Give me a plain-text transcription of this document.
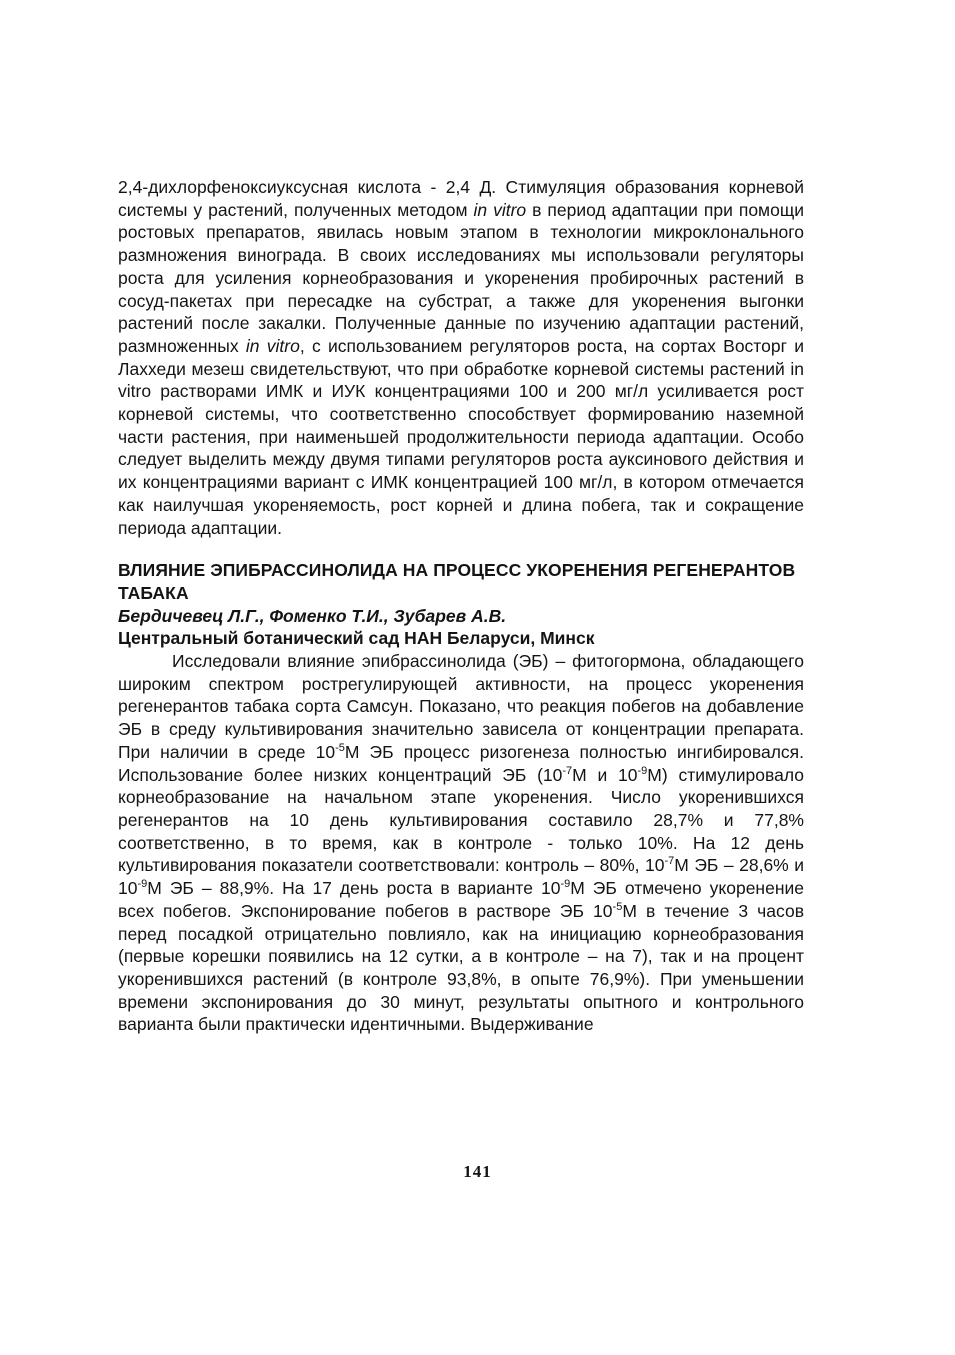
2,4-дихлорфеноксиуксусная кислота - 2,4 Д. Стимуляция образования корневой системы у растений, полученных методом in vitro в период адаптации при помощи ростовых препаратов, явилась новым этапом в технологии микроклонального размножения винограда. В своих исследованиях мы использовали регуляторы роста для усиления корнеобразования и укоренения пробирочных растений в сосуд-пакетах при пересадке на субстрат, а также для укоренения выгонки растений после закалки. Полученные данные по изучению адаптации растений, размноженных in vitro, с использованием регуляторов роста, на сортах Восторг и Лаххеди мезеш свидетельствуют, что при обработке корневой системы растений in vitro растворами ИМК и ИУК концентрациями 100 и 200 мг/л усиливается рост корневой системы, что соответственно способствует формированию наземной части растения, при наименьшей продолжительности периода адаптации. Особо следует выделить между двумя типами регуляторов роста ауксинового действия и их концентрациями вариант с ИМК концентрацией 100 мг/л, в котором отмечается как наилучшая укореняемость, рост корней и длина побега, так и сокращение периода адаптации.

ВЛИЯНИЕ ЭПИБРАССИНОЛИДА НА ПРОЦЕСС УКОРЕНЕНИЯ РЕГЕНЕРАНТОВ ТАБАКА

Бердичевец Л.Г., Фоменко Т.И., Зубарев А.В.

Центральный ботанический сад НАН Беларуси, Минск

Исследовали влияние эпибрассинолида (ЭБ) – фитогормона, обладающего широким спектром рострегулирующей активности, на процесс укоренения регенерантов табака сорта Самсун. Показано, что реакция побегов на добавление ЭБ в среду культивирования значительно зависела от концентрации препарата. При наличии в среде $10^{-5}М$ ЭБ процесс ризогенеза полностью ингибировался. Использование более низких концентраций ЭБ ($10^{-7}М$ и $10^{-9}М$) стимулировало корнеобразование на начальном этапе укоренения. Число укоренившихся регенерантов на 10 день культивирования составило 28,7% и 77,8% соответственно, в то время, как в контроле - только 10%. На 12 день культивирования показатели соответствовали: контроль – 80%, $10^{-7}М$ ЭБ – 28,6% и $10^{-9}М$ ЭБ – 88,9%. На 17 день роста в варианте $10^{-9}М$ ЭБ отмечено укоренение всех побегов. Экспонирование побегов в растворе ЭБ $10^{-5}М$ в течение 3 часов перед посадкой отрицательно повлияло, как на инициацию корнеобразования (первые корешки появились на 12 сутки, а в контроле – на 7), так и на процент укоренившихся растений (в контроле 93,8%, в опыте 76,9%). При уменьшении времени экспонирования до 30 минут, результаты опытного и контрольного варианта были практически идентичными. Выдерживание

141
